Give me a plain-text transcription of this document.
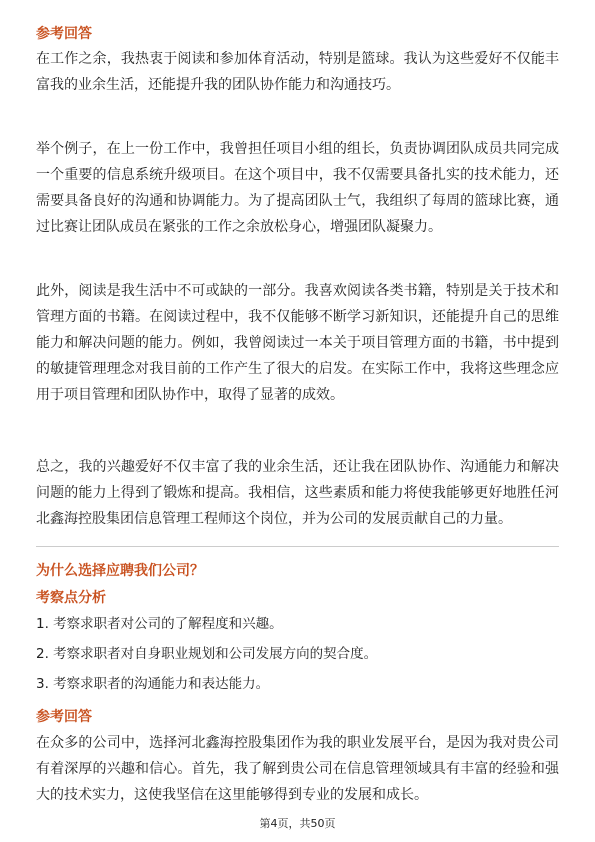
参考回答

在工作之余，我热衷于阅读和参加体育活动，特别是篮球。我认为这些爱好不仅能丰富我的业余生活，还能提升我的团队协作能力和沟通技巧。

举个例子，在上一份工作中，我曾担任项目小组的组长，负责协调团队成员共同完成一个重要的信息系统升级项目。在这个项目中，我不仅需要具备扎实的技术能力，还需要具备良好的沟通和协调能力。为了提高团队士气，我组织了每周的篮球比赛，通过比赛让团队成员在紧张的工作之余放松身心，增强团队凝聚力。

此外，阅读是我生活中不可或缺的一部分。我喜欢阅读各类书籍，特别是关于技术和管理方面的书籍。在阅读过程中，我不仅能够不断学习新知识，还能提升自己的思维能力和解决问题的能力。例如，我曾阅读过一本关于项目管理方面的书籍，书中提到的敏捷管理理念对我目前的工作产生了很大的启发。在实际工作中，我将这些理念应用于项目管理和团队协作中，取得了显著的成效。

总之，我的兴趣爱好不仅丰富了我的业余生活，还让我在团队协作、沟通能力和解决问题的能力上得到了锻炼和提高。我相信，这些素质和能力将使我能够更好地胜任河北鑫海控股集团信息管理工程师这个岗位，并为公司的发展贡献自己的力量。

为什么选择应聘我们公司？

考察点分析

1. 考察求职者对公司的了解程度和兴趣。

2. 考察求职者对自身职业规划和公司发展方向的契合度。

3. 考察求职者的沟通能力和表达能力。

参考回答

在众多的公司中，选择河北鑫海控股集团作为我的职业发展平台，是因为我对贵公司有着深厚的兴趣和信心。首先，我了解到贵公司在信息管理领域具有丰富的经验和强大的技术实力，这使我坚信在这里能够得到专业的发展和成长。

第4页，共50页
